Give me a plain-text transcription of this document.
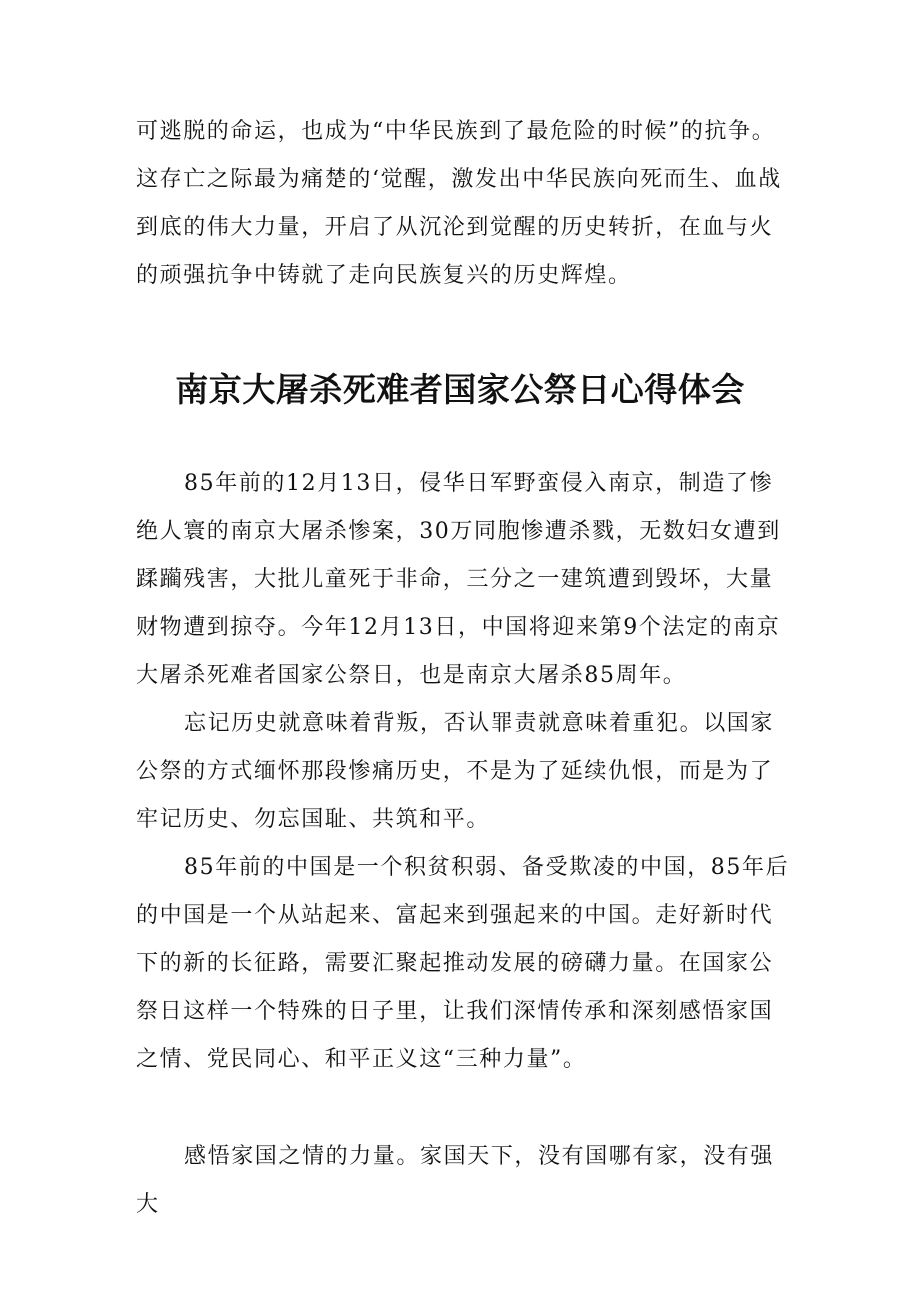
可逃脱的命运，也成为“中华民族到了最危险的时候”的抗争。这存亡之际最为痛楚的‘觉醒，激发出中华民族向死而生、血战到底的伟大力量，开启了从沉沦到觉醒的历史转折，在血与火的顽强抗争中铸就了走向民族复兴的历史辉煌。

南京大屠杀死难者国家公祭日心得体会

85年前的12月13日，侵华日军野蛮侵入南京，制造了惨绝人寰的南京大屠杀惨案，30万同胞惨遭杀戮，无数妇女遭到蹂躏残害，大批儿童死于非命，三分之一建筑遭到毁坏，大量财物遭到掠夺。今年12月13日，中国将迎来第9个法定的南京大屠杀死难者国家公祭日，也是南京大屠杀85周年。

忘记历史就意味着背叛，否认罪责就意味着重犯。以国家公祭的方式缅怀那段惨痛历史，不是为了延续仇恨，而是为了牢记历史、勿忘国耻、共筑和平。

85年前的中国是一个积贫积弱、备受欺凌的中国，85年后的中国是一个从站起来、富起来到强起来的中国。走好新时代下的新的长征路，需要汇聚起推动发展的磅礴力量。在国家公祭日这样一个特殊的日子里，让我们深情传承和深刻感悟家国之情、党民同心、和平正义这“三种力量”。

感悟家国之情的力量。家国天下，没有国哪有家，没有强大
